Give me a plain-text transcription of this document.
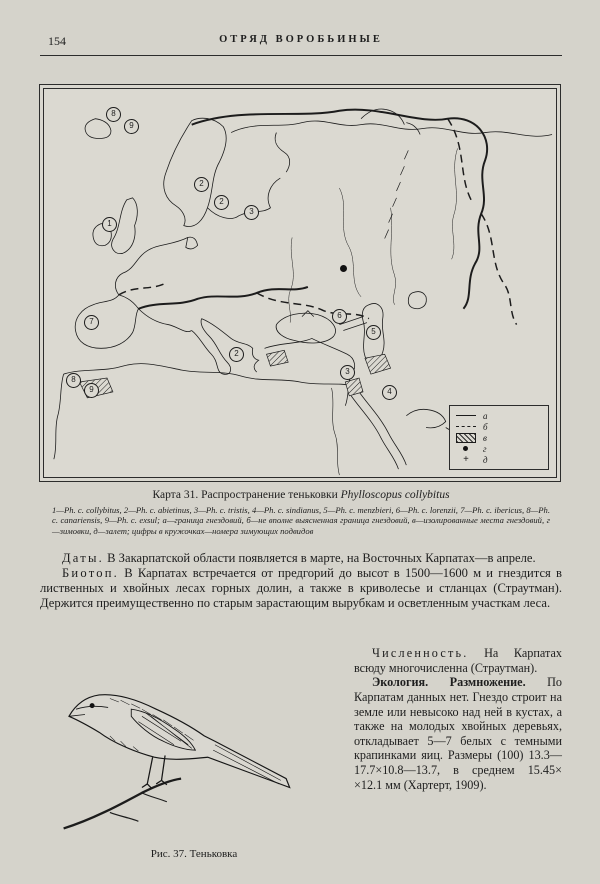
154	ОТРЯД ВОРОБЬИНЫЕ
8
9
2
2
3
1
7
8
9
2
3
4
5
6
а
б
в
г
+	д
Карта 31. Распространение теньковки Phylloscopus collybitus
1—Ph. c. collybitus, 2—Ph. c. abietinus, 3—Ph. c. tristis, 4—Ph. c. sindianus, 5—Ph. c. menzbieri, 6—Ph. c. lorenzii, 7—Ph. c. ibericus, 8—Ph. c. canariensis, 9—Ph. c. exsul; а—граница гнездовий, б—не вполне выясненная граница гнездовий, в—изолированные места гнездовий, г—зимовки, д—залет; цифры в кружочках—номера зимующих подвидов

Даты. В Закарпатской области появляется в марте, на Восточных Карпатах—в апреле.

Биотоп. В Карпатах встречается от предгорий до высот в 1500—1600 м и гнездится в лиственных и хвойных лесах горных долин, а также в криволесье и стланцах (Страутман). Держится преимущественно по старым зарастающим вырубкам и осветленным участкам леса.

Рис. 37. Теньковка

Численность. На Карпатах всюду многочисленна (Страутман).

Экология. Размножение. По Карпатам данных нет. Гнездо строит на земле или невысоко над ней в кустах, а также на молодых хвойных деревьях, откладывает 5—7 белых с темными крапинками яиц. Размеры (100) 13.3—17.7×10.8—13.7, в среднем 15.45× ×12.1 мм (Хартерт, 1909).
